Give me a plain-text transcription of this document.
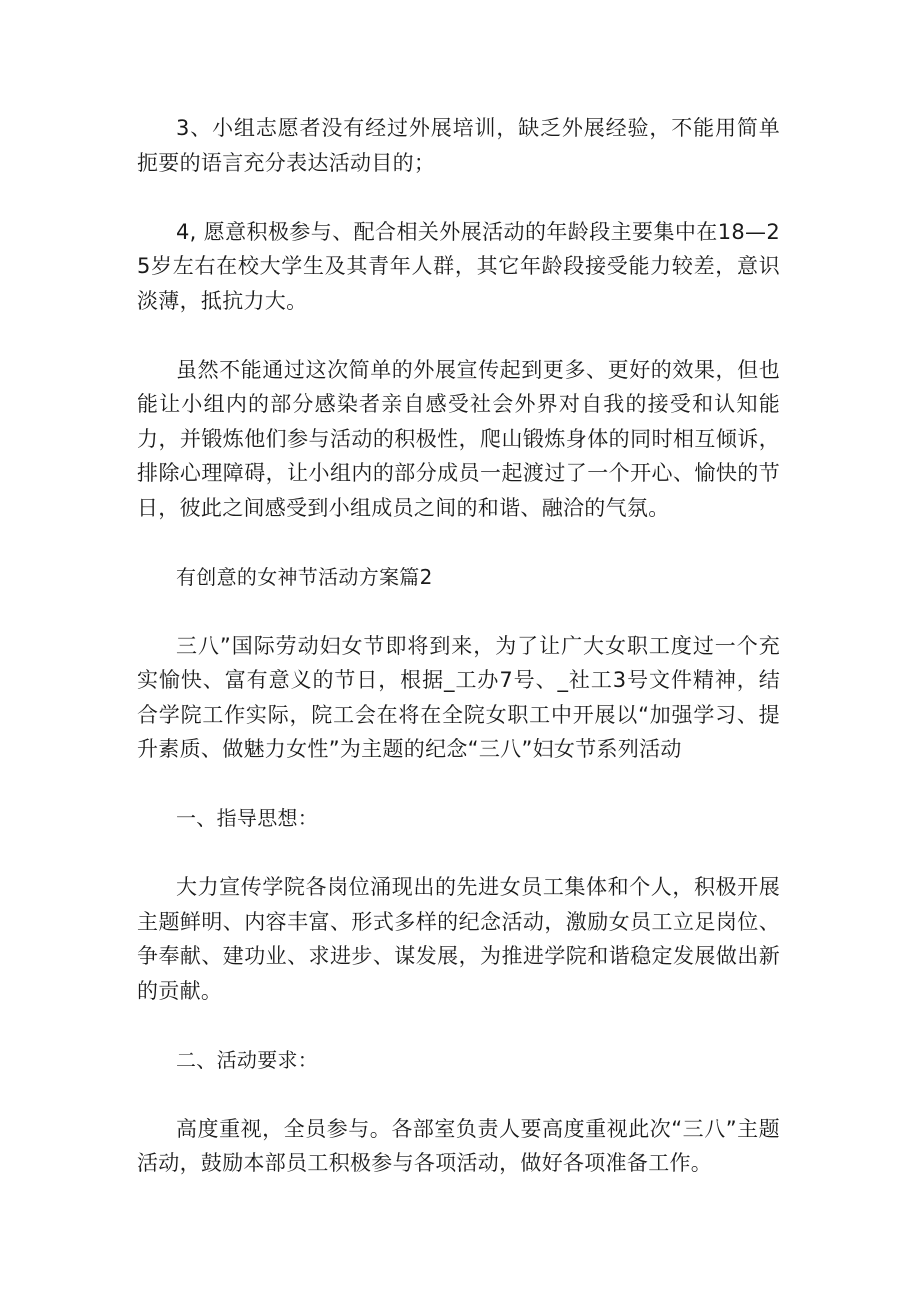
3、小组志愿者没有经过外展培训，缺乏外展经验，不能用简单扼要的语言充分表达活动目的；

4, 愿意积极参与、配合相关外展活动的年龄段主要集中在18—25岁左右在校大学生及其青年人群，其它年龄段接受能力较差，意识淡薄，抵抗力大。

虽然不能通过这次简单的外展宣传起到更多、更好的效果，但也能让小组内的部分感染者亲自感受社会外界对自我的接受和认知能力，并锻炼他们参与活动的积极性，爬山锻炼身体的同时相互倾诉，排除心理障碍，让小组内的部分成员一起渡过了一个开心、愉快的节日，彼此之间感受到小组成员之间的和谐、融洽的气氛。

有创意的女神节活动方案篇2

三八”国际劳动妇女节即将到来，为了让广大女职工度过一个充实愉快、富有意义的节日，根据_工办7号、_社工3号文件精神，结合学院工作实际，院工会在将在全院女职工中开展以“加强学习、提升素质、做魅力女性”为主题的纪念“三八”妇女节系列活动

一、指导思想：

大力宣传学院各岗位涌现出的先进女员工集体和个人，积极开展主题鲜明、内容丰富、形式多样的纪念活动，激励女员工立足岗位、争奉献、建功业、求进步、谋发展，为推进学院和谐稳定发展做出新的贡献。

二、活动要求：

高度重视，全员参与。各部室负责人要高度重视此次“三八”主题活动，鼓励本部员工积极参与各项活动，做好各项准备工作。
